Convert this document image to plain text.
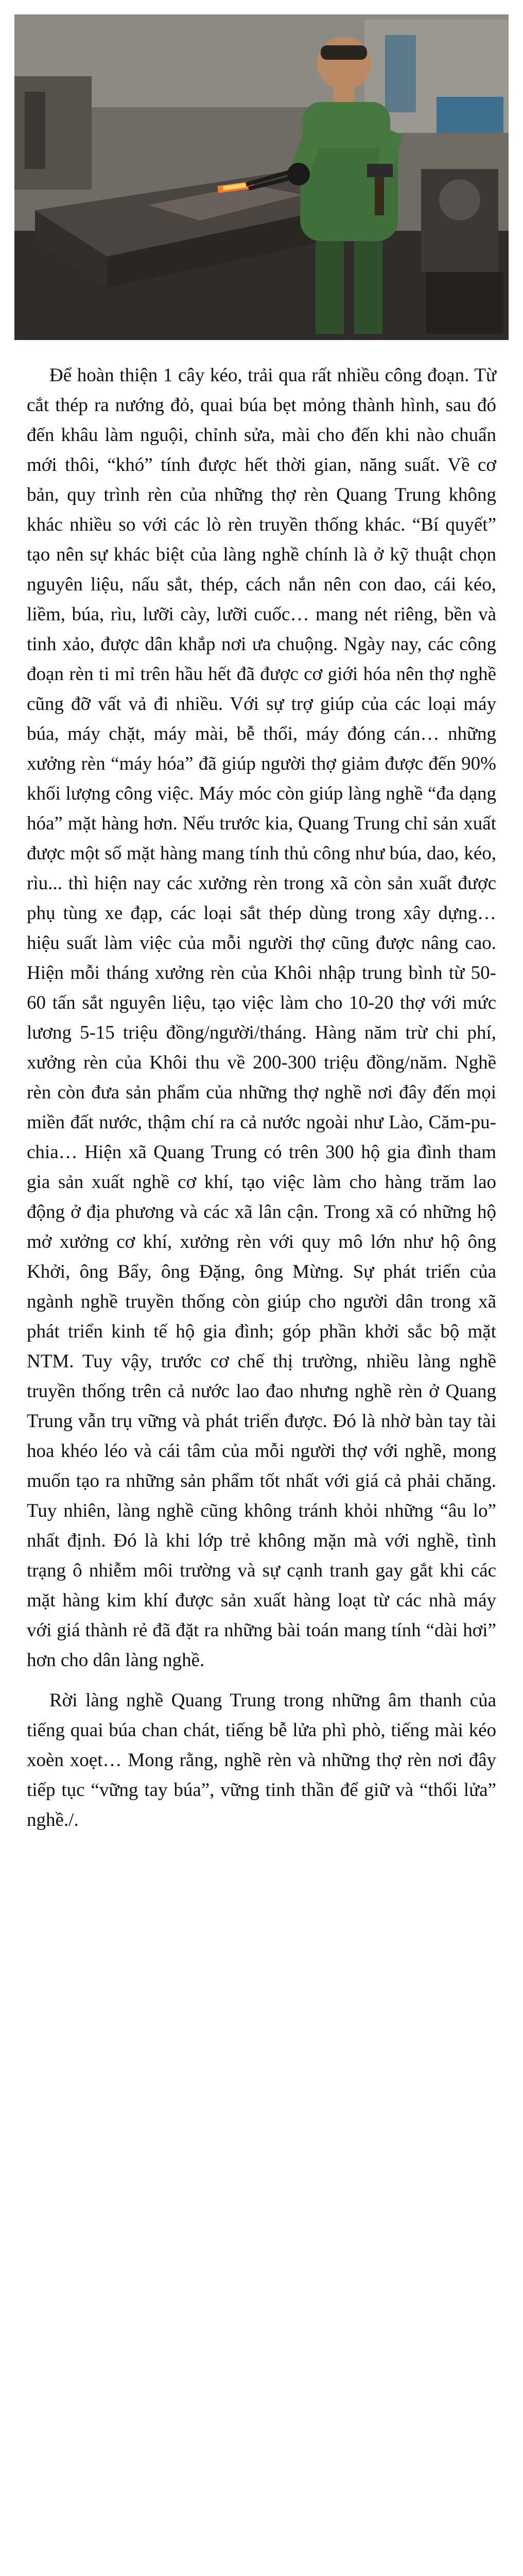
Để hoàn thiện 1 cây kéo, trải qua rất nhiều công đoạn. Từ cắt thép ra nướng đỏ, quai búa bẹt mỏng thành hình, sau đó đến khâu làm nguội, chỉnh sửa, mài cho đến khi nào chuẩn mới thôi, “khó” tính được hết thời gian, năng suất. Về cơ bản, quy trình rèn của những thợ rèn Quang Trung không khác nhiều so với các lò rèn truyền thống khác. “Bí quyết” tạo nên sự khác biệt của làng nghề chính là ở kỹ thuật chọn nguyên liệu, nấu sắt, thép, cách nắn nên con dao, cái kéo, liềm, búa, rìu, lưỡi cày, lưỡi cuốc… mang nét riêng, bền và tinh xảo, được dân khắp nơi ưa chuộng. Ngày nay, các công đoạn rèn ti mỉ trên hầu hết đã được cơ giới hóa nên thợ nghề cũng đỡ vất vả đi nhiều. Với sự trợ giúp của các loại máy búa, máy chặt, máy mài, bễ thổi, máy đóng cán… những xưởng rèn “máy hóa” đã giúp người thợ giảm được đến 90% khối lượng công việc. Máy móc còn giúp làng nghề “đa dạng hóa” mặt hàng hơn. Nếu trước kia, Quang Trung chỉ sản xuất được một số mặt hàng mang tính thủ công như búa, dao, kéo, rìu... thì hiện nay các xưởng rèn trong xã còn sản xuất được phụ tùng xe đạp, các loại sắt thép dùng trong xây dựng… hiệu suất làm việc của mỗi người thợ cũng được nâng cao. Hiện mỗi tháng xưởng rèn của Khôi nhập trung bình từ 50-60 tấn sắt nguyên liệu, tạo việc làm cho 10-20 thợ với mức lương 5-15 triệu đồng/người/tháng. Hàng năm trừ chi phí, xưởng rèn của Khôi thu về 200-300 triệu đồng/năm. Nghề rèn còn đưa sản phẩm của những thợ nghề nơi đây đến mọi miền đất nước, thậm chí ra cả nước ngoài như Lào, Căm-pu-chia… Hiện xã Quang Trung có trên 300 hộ gia đình tham gia sản xuất nghề cơ khí, tạo việc làm cho hàng trăm lao động ở địa phương và các xã lân cận. Trong xã có những hộ mở xưởng cơ khí, xưởng rèn với quy mô lớn như hộ ông Khởi, ông Bẩy, ông Đặng, ông Mừng. Sự phát triển của ngành nghề truyền thống còn giúp cho người dân trong xã phát triển kinh tế hộ gia đình; góp phần khởi sắc bộ mặt NTM. Tuy vậy, trước cơ chế thị trường, nhiều làng nghề truyền thống trên cả nước lao đao nhưng nghề rèn ở Quang Trung vẫn trụ vững và phát triển được. Đó là nhờ bàn tay tài hoa khéo léo và cái tâm của mỗi người thợ với nghề, mong muốn tạo ra những sản phẩm tốt nhất với giá cả phải chăng. Tuy nhiên, làng nghề cũng không tránh khỏi những “âu lo” nhất định. Đó là khi lớp trẻ không mặn mà với nghề, tình trạng ô nhiễm môi trường và sự cạnh tranh gay gắt khi các mặt hàng kim khí được sản xuất hàng loạt từ các nhà máy với giá thành rẻ đã đặt ra những bài toán mang tính “dài hơi” hơn cho dân làng nghề.

Rời làng nghề Quang Trung trong những âm thanh của tiếng quai búa chan chát, tiếng bễ lửa phì phò, tiếng mài kéo xoèn xoẹt… Mong rằng, nghề rèn và những thợ rèn nơi đây tiếp tục “vững tay búa”, vững tinh thần để giữ và “thổi lửa” nghề./.
